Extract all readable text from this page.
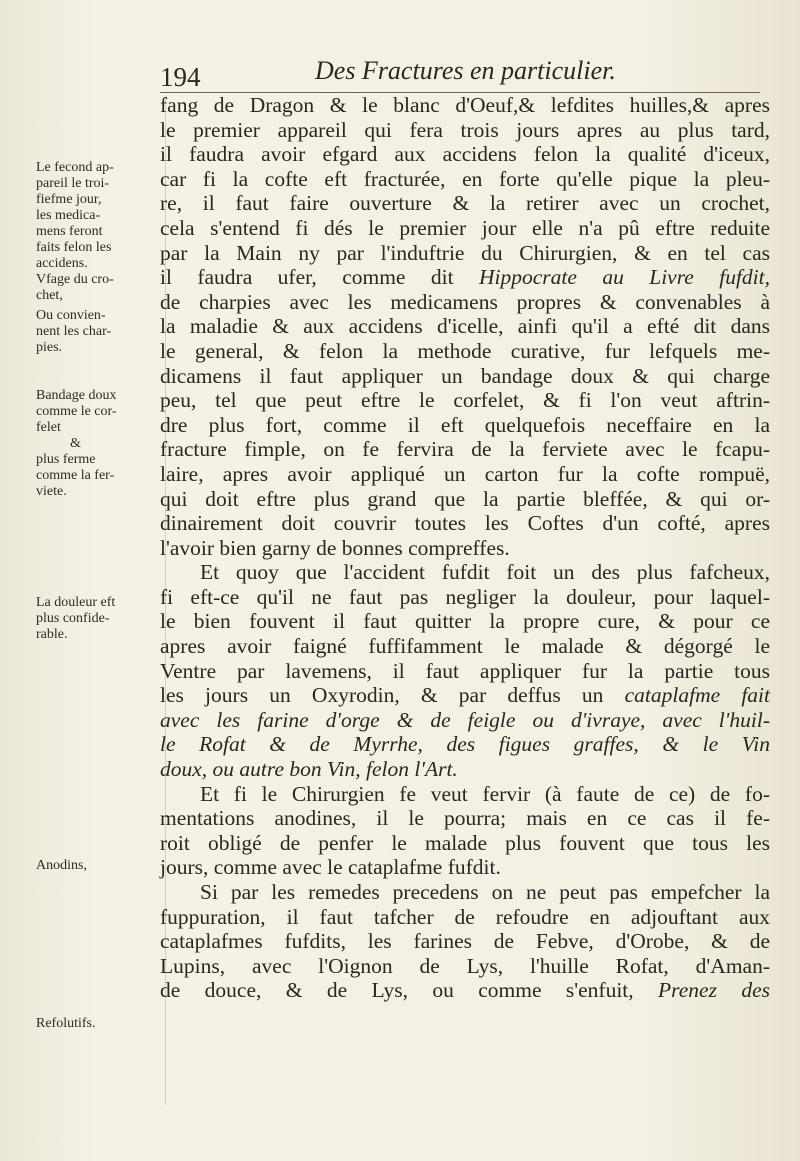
194	Des Fractures en particulier.
Le fecond ap-
pareil le troi-
fiefme jour,
les medica-
mens feront
faits felon les
accidens.
Vfage du cro-
chet,
Ou convien-
nent les char-
pies.
Bandage doux
comme le cor-
felet
&
plus ferme
comme la fer-
viete.
La douleur eft
plus confide-
rable.
Anodins,
Refolutifs.
fang de Dragon & le blanc d'Oeuf,& lefdites huilles,& apres
le premier appareil qui fera trois jours apres au plus tard,
il faudra avoir efgard aux accidens felon la qualité d'iceux,
car fi la cofte eft fracturée, en forte qu'elle pique la pleu-
re, il faut faire ouverture & la retirer avec un crochet,
cela s'entend fi dés le premier jour elle n'a pû eftre reduite
par la Main ny par l'induftrie du Chirurgien, & en tel cas
il faudra ufer, comme dit Hippocrate au Livre fufdit,
de charpies avec les medicamens propres & convenables à
la maladie & aux accidens d'icelle, ainfi qu'il a efté dit dans
le general, & felon la methode curative, fur lefquels me-
dicamens il faut appliquer un bandage doux & qui charge
peu, tel que peut eftre le corfelet, & fi l'on veut aftrin-
dre plus fort, comme il eft quelquefois neceffaire en la
fracture fimple, on fe fervira de la ferviete avec le fcapu-
laire, apres avoir appliqué un carton fur la cofte rompuë,
qui doit eftre plus grand que la partie bleffée, & qui or-
dinairement doit couvrir toutes les Coftes d'un cofté, apres
l'avoir bien garny de bonnes compreffes.
Et quoy que l'accident fufdit foit un des plus fafcheux,
fi eft-ce qu'il ne faut pas negliger la douleur, pour laquel-
le bien fouvent il faut quitter la propre cure, & pour ce
apres avoir faigné fuffifamment le malade & dégorgé le
Ventre par lavemens, il faut appliquer fur la partie tous
les jours un Oxyrodin, & par deffus un cataplafme fait
avec les farine d'orge & de feigle ou d'ivraye, avec l'huil-
le Rofat & de Myrrhe, des figues graffes, & le Vin
doux, ou autre bon Vin, felon l'Art.
Et fi le Chirurgien fe veut fervir (à faute de ce) de fo-
mentations anodines, il le pourra; mais en ce cas il fe-
roit obligé de penfer le malade plus fouvent que tous les
jours, comme avec le cataplafme fufdit.
Si par les remedes precedens on ne peut pas empefcher la
fuppuration, il faut tafcher de refoudre en adjouftant aux
cataplafmes fufdits, les farines de Febve, d'Orobe, & de
Lupins, avec l'Oignon de Lys, l'huille Rofat, d'Aman-
de douce, & de Lys, ou comme s'enfuit, Prenez des
